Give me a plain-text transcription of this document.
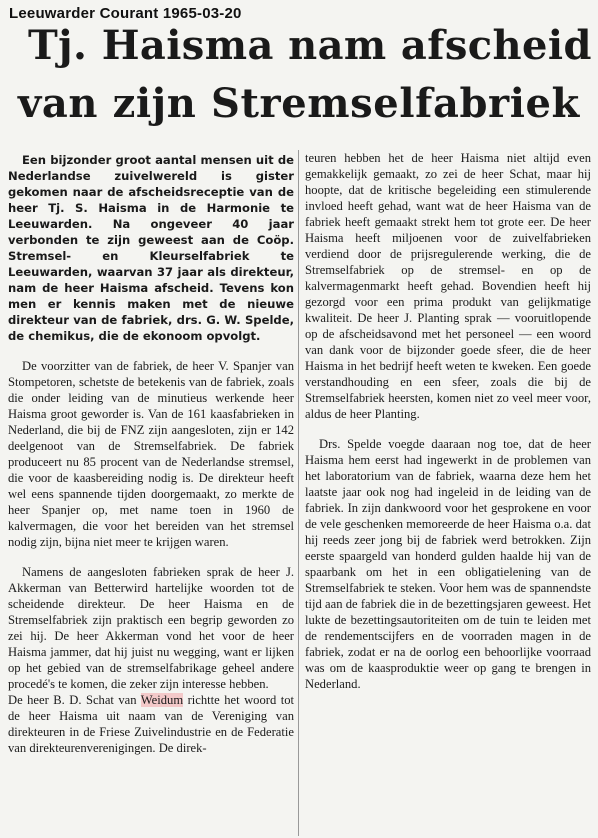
Leeuwarder Courant 1965-03-20
Tj. Haisma nam afscheid
van zijn Stremselfabriek

Een bijzonder groot aantal mensen uit de Nederlandse zuivelwereld is gister gekomen naar de afscheidsreceptie van de heer Tj. S. Haisma in de Harmonie te Leeuwarden. Na ongeveer 40 jaar verbonden te zijn geweest aan de Coöp. Stremsel- en Kleurselfabriek te Leeuwarden, waarvan 37 jaar als direkteur, nam de heer Haisma afscheid. Tevens kon men er kennis maken met de nieuwe direkteur van de fabriek, drs. G. W. Spelde, de chemikus, die de ekonoom opvolgt.

De voorzitter van de fabriek, de heer V. Spanjer van Stompetoren, schetste de betekenis van de fabriek, zoals die onder leiding van de minutieus werkende heer Haisma groot geworder is. Van de 161 kaasfabrieken in Nederland, die bij de FNZ zijn aangesloten, zijn er 142 deelgenoot van de Stremselfabriek. De fabriek produceert nu 85 procent van de Nederlandse stremsel, die voor de kaasbereiding nodig is. De direkteur heeft wel eens spannende tijden doorgemaakt, zo merkte de heer Spanjer op, met name toen in 1960 de kalvermagen, die voor het bereiden van het stremsel nodig zijn, bijna niet meer te krijgen waren.

Namens de aangesloten fabrieken sprak de heer J. Akkerman van Betterwird hartelijke woorden tot de scheidende direkteur. De heer Haisma en de Stremselfabriek zijn praktisch een begrip geworden zo zei hij. De heer Akkerman vond het voor de heer Haisma jammer, dat hij juist nu wegging, want er lijken op het gebied van de stremselfabrikage geheel andere procedé's te komen, die zeker zijn interesse hebben.

De heer B. D. Schat van Weidum richtte het woord tot de heer Haisma uit naam van de Vereniging van direkteuren in de Friese Zuivelindustrie en de Federatie van direkteurenverenigingen. De direk-

teuren hebben het de heer Haisma niet altijd even gemakkelijk gemaakt, zo zei de heer Schat, maar hij hoopte, dat de kritische begeleiding een stimulerende invloed heeft gehad, want wat de heer Haisma van de fabriek heeft gemaakt strekt hem tot grote eer. De heer Haisma heeft miljoenen voor de zuivelfabrieken verdiend door de prijsregulerende werking, die de Stremselfabriek op de stremsel- en op de kalvermagenmarkt heeft gehad. Bovendien heeft hij gezorgd voor een prima produkt van gelijkmatige kwaliteit. De heer J. Planting sprak — vooruitlopende op de afscheidsavond met het personeel — een woord van dank voor de bijzonder goede sfeer, die de heer Haisma in het bedrijf heeft weten te kweken. Een goede verstandhouding en een sfeer, zoals die bij de Stremselfabriek heersten, komen niet zo veel meer voor, aldus de heer Planting.

Drs. Spelde voegde daaraan nog toe, dat de heer Haisma hem eerst had ingewerkt in de problemen van het laboratorium van de fabriek, waarna deze hem het laatste jaar ook nog had ingeleid in de leiding van de fabriek. In zijn dankwoord voor het gesprokene en voor de vele geschenken memoreerde de heer Haisma o.a. dat hij reeds zeer jong bij de fabriek werd betrokken. Zijn eerste spaargeld van honderd gulden haalde hij van de spaarbank om het in een obligatielening van de Stremselfabriek te steken. Voor hem was de spannendste tijd aan de fabriek die in de bezettingsjaren geweest. Het lukte de bezettingsautoriteiten om de tuin te leiden met de rendementscijfers en de voorraden magen in de fabriek, zodat er na de oorlog een behoorlijke voorraad was om de kaasproduktie weer op gang te brengen in Nederland.
